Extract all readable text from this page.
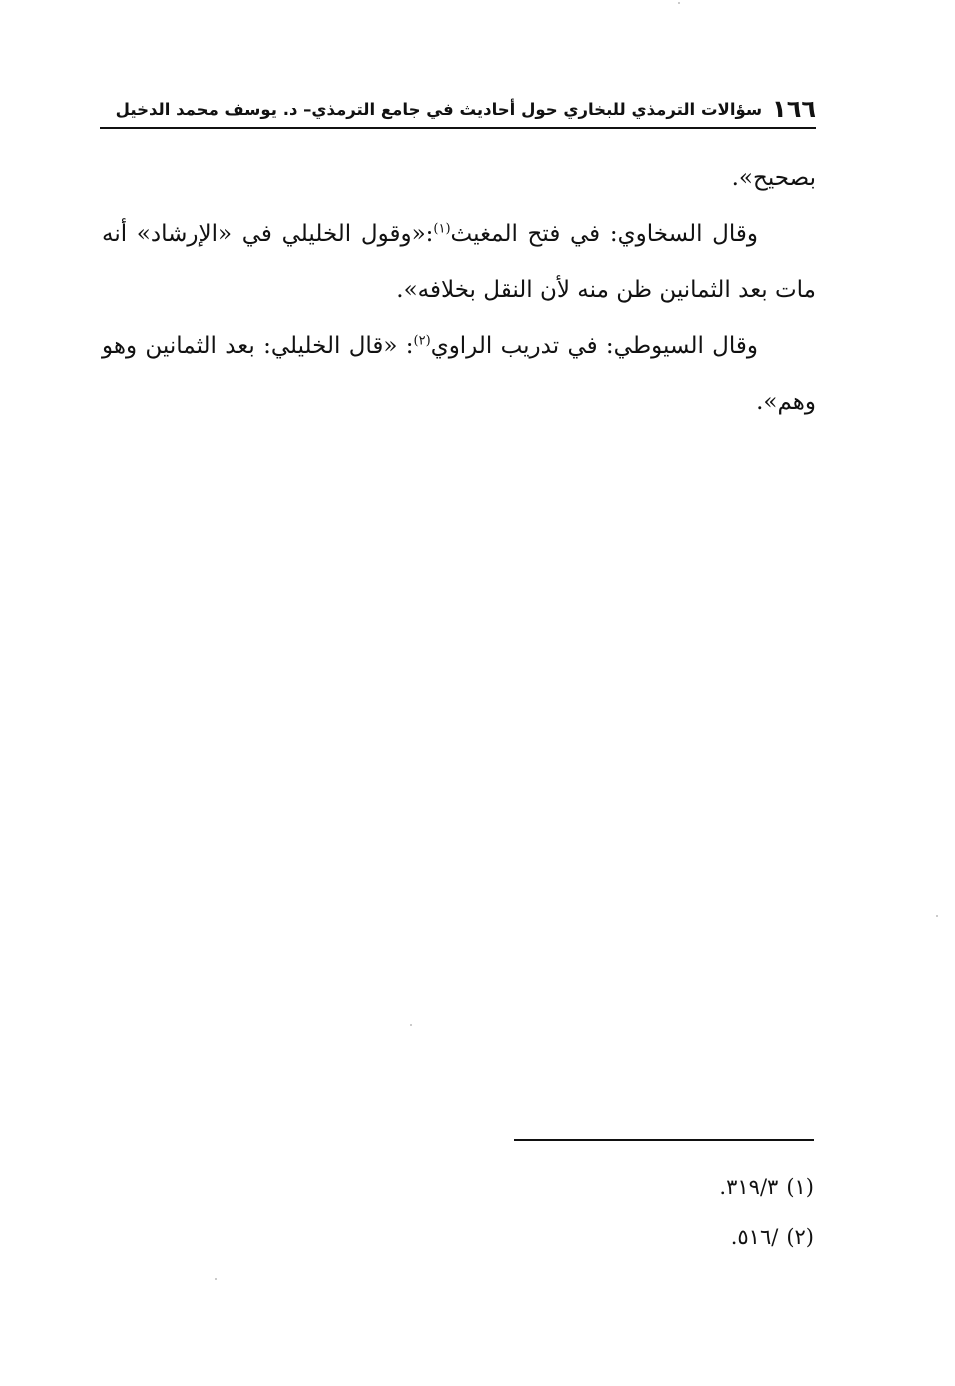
١٦٦
سؤالات الترمذي للبخاري حول أحاديث في جامع الترمذي– د. يوسف محمد الدخيل

بصحيح».

وقال السخاوي: في فتح المغيث$^{(١)}$:«وقول الخليلي في «الإرشاد» أنه مات بعد الثمانين ظن منه لأن النقل بخلافه».

وقال السيوطي: في تدريب الراوي$^{(٢)}$: «قال الخليلي: بعد الثمانين وهو وهم».

(١)٣١٩/٣.

(٢)/٥١٦.
